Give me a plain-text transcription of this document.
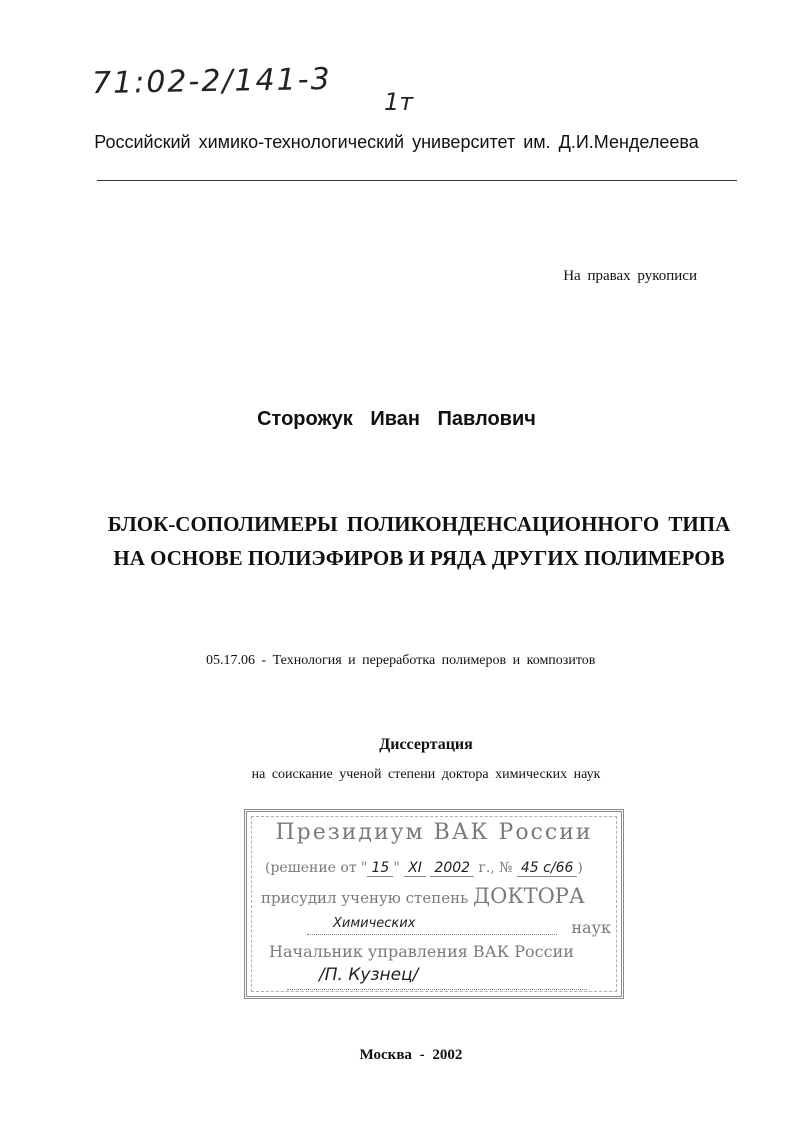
71:02-2/141-3
1т
Российский химико-технологический университет им. Д.И.Менделеева
На правах рукописи
Сторожук Иван Павлович
БЛОК-СОПОЛИМЕРЫ ПОЛИКОНДЕНСАЦИОННОГО ТИПА
НА ОСНОВЕ ПОЛИЭФИРОВ И РЯДА ДРУГИХ ПОЛИМЕРОВ
05.17.06 - Технология и переработка полимеров и композитов
Диссертация
на соискание ученой степени доктора химических наук
Президиум ВАК России
(решение от " 15 " XI 2002 г., № 45 с/66 )
присудил ученую степень ДОКТОРА
Химических	наук
Начальник управления ВАК России
/П. Кузнец/
Москва - 2002
